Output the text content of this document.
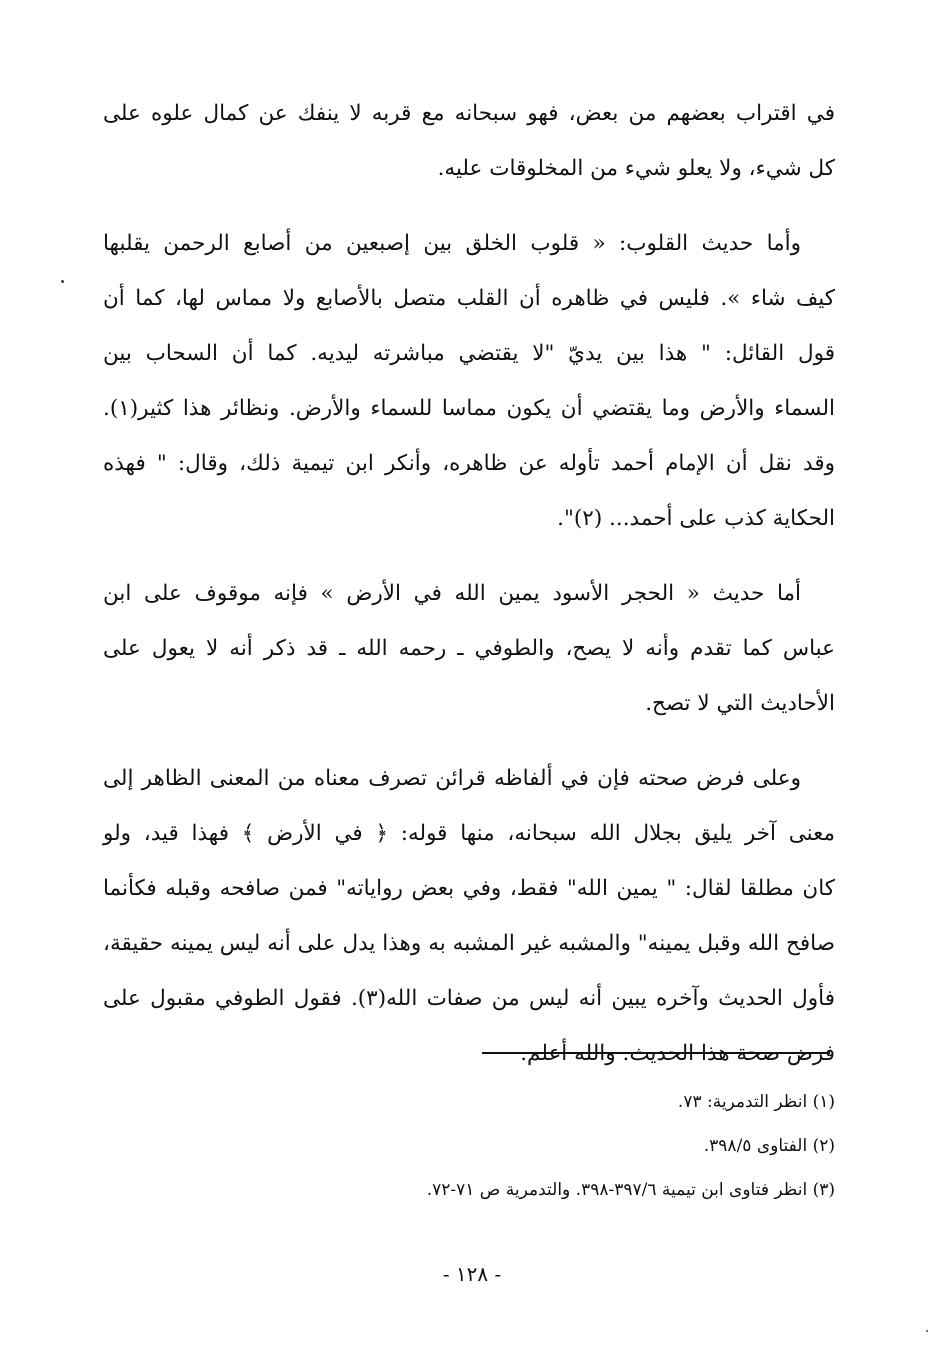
في اقتراب بعضهم من بعض، فهو سبحانه مع قربه لا ينفك عن كمال علوه على
كل شيء، ولا يعلو شيء من المخلوقات عليه.

وأما حديث القلوب: « قلوب الخلق بين إصبعين من أصابع الرحمن يقلبها
كيف شاء ». فليس في ظاهره أن القلب متصل بالأصابع ولا مماس لها، كما أن
قول القائل: " هذا بين يديّ "لا يقتضي مباشرته ليديه. كما أن السحاب بين
السماء والأرض وما يقتضي أن يكون مماسا للسماء والأرض. ونظائر هذا كثير(١).
وقد نقل أن الإمام أحمد تأوله عن ظاهره، وأنكر ابن تيمية ذلك، وقال: " فهذه
الحكاية كذب على أحمد... (٢)".

أما حديث « الحجر الأسود يمين الله في الأرض » فإنه موقوف على ابن
عباس كما تقدم وأنه لا يصح، والطوفي ـ رحمه الله ـ قد ذكر أنه لا يعول على
الأحاديث التي لا تصح.

وعلى فرض صحته فإن في ألفاظه قرائن تصرف معناه من المعنى الظاهر إلى
معنى آخر يليق بجلال الله سبحانه، منها قوله: ﴿ في الأرض ﴾ فهذا قيد، ولو
كان مطلقا لقال: " يمين الله" فقط، وفي بعض رواياته" فمن صافحه وقبله فكأنما
صافح الله وقبل يمينه" والمشبه غير المشبه به وهذا يدل على أنه ليس يمينه حقيقة،
فأول الحديث وآخره يبين أنه ليس من صفات الله(٣). فقول الطوفي مقبول على
فرض صحة هذا الحديث. والله أعلم.

(١) انظر التدمرية: ٧٣.
(٢) الفتاوى ٣٩٨/٥.
(٣) انظر فتاوى ابن تيمية ٣٩٧/٦-٣٩٨. والتدمرية ص ٧١-٧٢.
- ١٢٨ -
